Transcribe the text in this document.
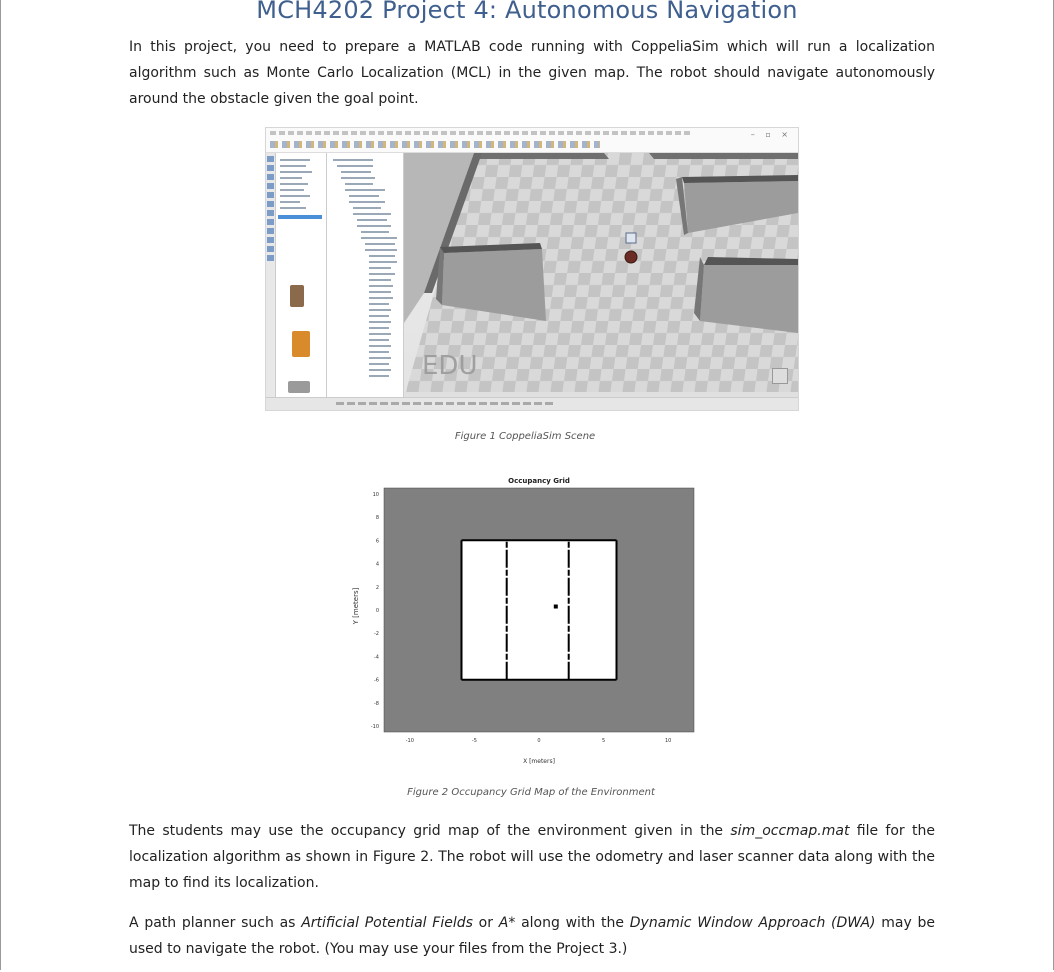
MCH4202 Project 4: Autonomous Navigation
In this project, you need to prepare a MATLAB code running with CoppeliaSim which will run a localization algorithm such as Monte Carlo Localization (MCL) in the given map. The robot should navigate autonomously around the obstacle given the goal point.
– ▫ ×
EDU
Figure 1 CoppeliaSim Scene
Occupancy Grid
X [meters]
Y [meters]
10
8
6
4
2
0
-2
-4
-6
-8
-10
-10	-5	0	5	10
Figure 2 Occupancy Grid Map of the Environment
The students may use the occupancy grid map of the environment given in the sim_occmap.mat file for the localization algorithm as shown in Figure 2. The robot will use the odometry and laser scanner data along with the map to find its localization.
A path planner such as Artificial Potential Fields or A* along with the Dynamic Window Approach (DWA) may be used to navigate the robot. (You may use your files from the Project 3.)
